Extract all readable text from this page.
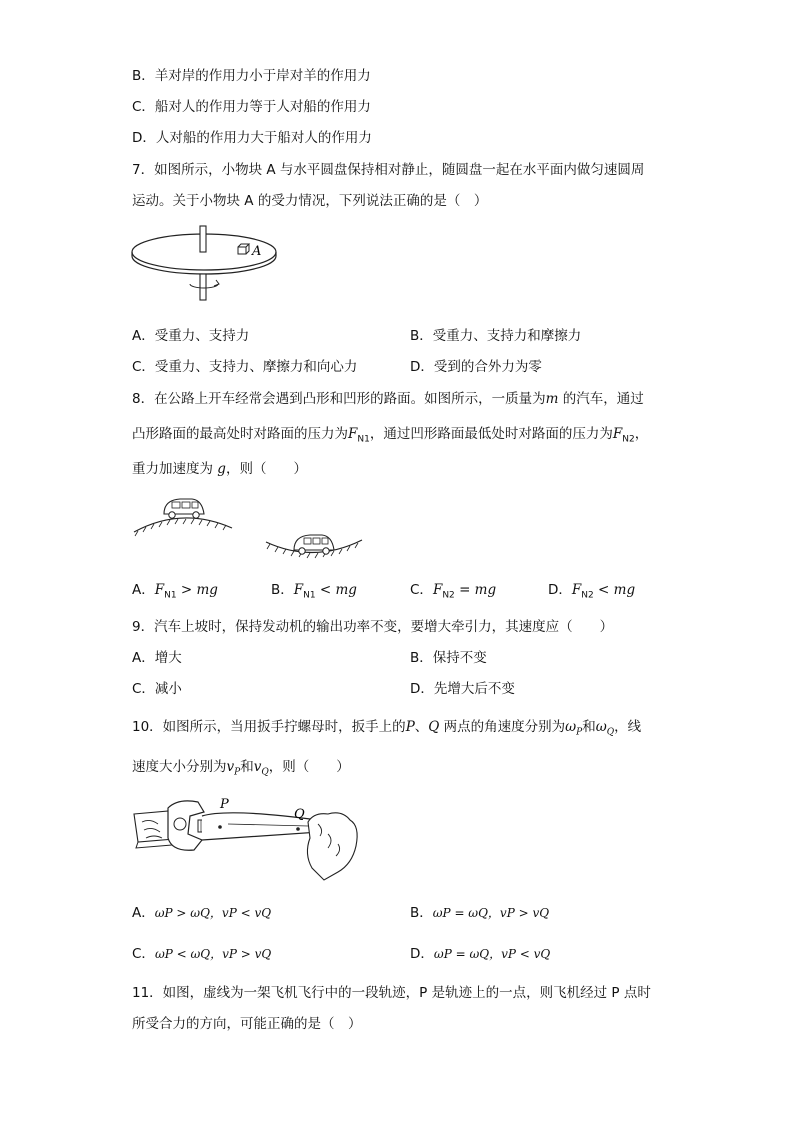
B．羊对岸的作用力小于岸对羊的作用力
C．船对人的作用力等于人对船的作用力
D．人对船的作用力大于船对人的作用力
7．如图所示，小物块 A 与水平圆盘保持相对静止，随圆盘一起在水平面内做匀速圆周
运动。关于小物块 A 的受力情况，下列说法正确的是（　）
A
A．受重力、支持力	B．受重力、支持力和摩擦力
C．受重力、支持力、摩擦力和向心力	D．受到的合外力为零
8．在公路上开车经常会遇到凸形和凹形的路面。如图所示，一质量为m 的汽车，通过
凸形路面的最高处时对路面的压力为$F_{N1}$，通过凹形路面最低处时对路面的压力为$F_{N2}$，
重力加速度为 g，则（　　）
A．$F_{N1}$ > mg	B．$F_{N1}$ < mg	C．$F_{N2}$ = mg	D．$F_{N2}$ < mg
9．汽车上坡时，保持发动机的输出功率不变，要增大牵引力，其速度应（　　）
A．增大	B．保持不变
C．减小	D．先增大后不变
10．如图所示，当用扳手拧螺母时，扳手上的P、Q 两点的角速度分别为$\omega_P$和$\omega_Q$，线
速度大小分别为$v_P$和$v_Q$，则（　　）
P
Q
A．ωP > ωQ，vP < vQ	B．ωP = ωQ，vP > vQ
C．ωP < ωQ，vP > vQ	D．ωP = ωQ，vP < vQ
11．如图，虚线为一架飞机飞行中的一段轨迹，P 是轨迹上的一点，则飞机经过 P 点时
所受合力的方向，可能正确的是（　）
